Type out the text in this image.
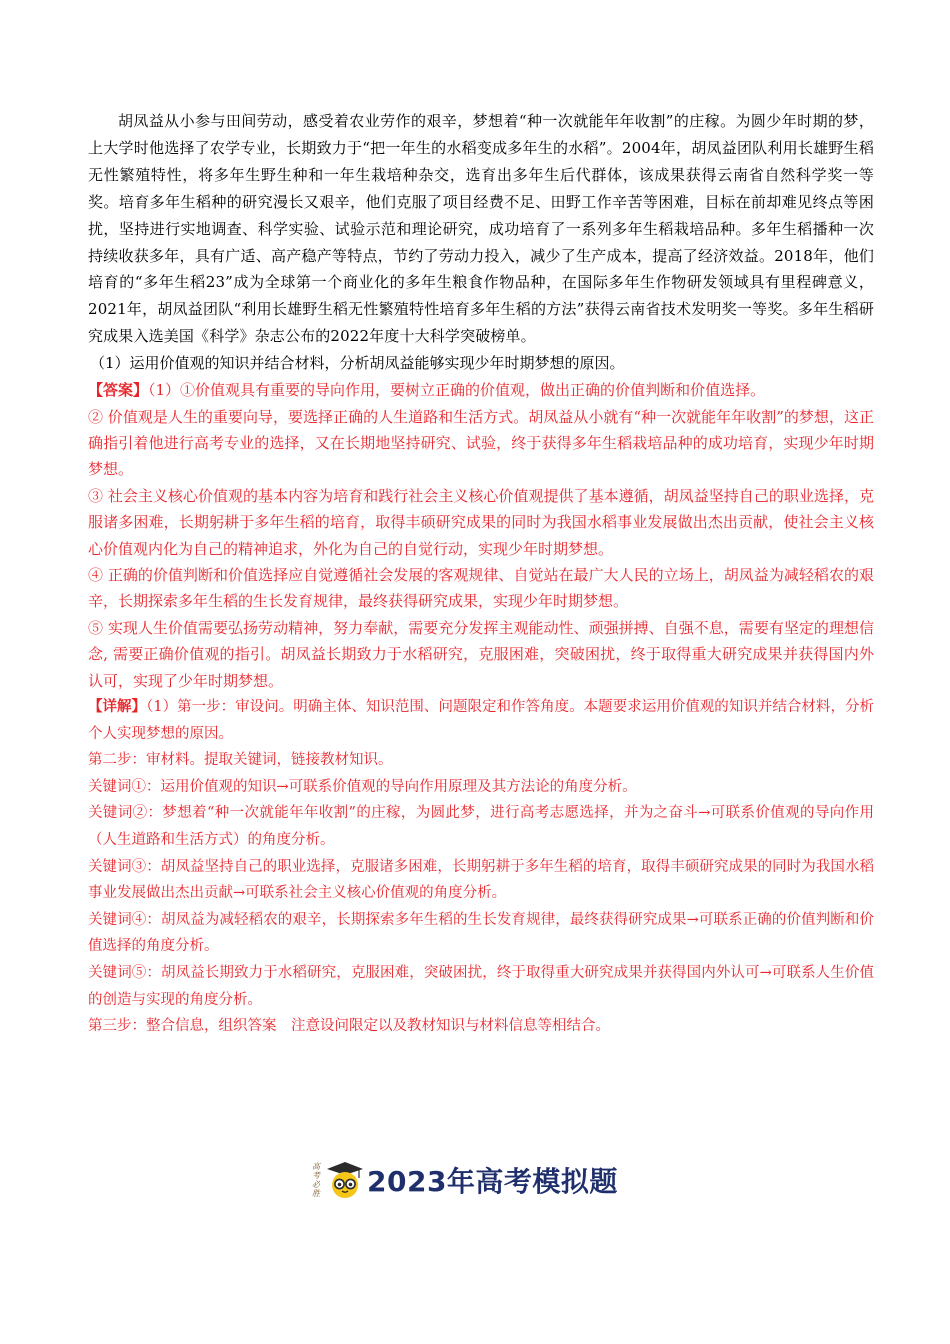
胡凤益从小参与田间劳动，感受着农业劳作的艰辛，梦想着“种一次就能年年收割”的庄稼。为圆少年时期的梦，上大学时他选择了农学专业，长期致力于“把一年生的水稻变成多年生的水稻”。2004年，胡凤益团队利用长雄野生稻无性繁殖特性，将多年生野生种和一年生栽培种杂交，选育出多年生后代群体，该成果获得云南省自然科学奖一等奖。培育多年生稻种的研究漫长又艰辛，他们克服了项目经费不足、田野工作辛苦等困难，目标在前却难见终点等困扰，坚持进行实地调查、科学实验、试验示范和理论研究，成功培育了一系列多年生稻栽培品种。多年生稻播种一次持续收获多年，具有广适、高产稳产等特点，节约了劳动力投入，减少了生产成本，提高了经济效益。2018年，他们培育的“多年生稻23”成为全球第一个商业化的多年生粮食作物品种，在国际多年生作物研发领域具有里程碑意义，2021年，胡凤益团队“利用长雄野生稻无性繁殖特性培育多年生稻的方法”获得云南省技术发明奖一等奖。多年生稻研究成果入选美国《科学》杂志公布的2022年度十大科学突破榜单。

（1）运用价值观的知识并结合材料，分析胡凤益能够实现少年时期梦想的原因。

【答案】（1）①价值观具有重要的导向作用，要树立正确的价值观，做出正确的价值判断和价值选择。
② 价值观是人生的重要向导，要选择正确的人生道路和生活方式。胡凤益从小就有“种一次就能年年收割”的梦想，这正确指引着他进行高考专业的选择，又在长期地坚持研究、试验，终于获得多年生稻栽培品种的成功培育，实现少年时期梦想。
③ 社会主义核心价值观的基本内容为培育和践行社会主义核心价值观提供了基本遵循，胡凤益坚持自己的职业选择，克服诸多困难，长期躬耕于多年生稻的培育，取得丰硕研究成果的同时为我国水稻事业发展做出杰出贡献，使社会主义核心价值观内化为自己的精神追求，外化为自己的自觉行动，实现少年时期梦想。
④ 正确的价值判断和价值选择应自觉遵循社会发展的客观规律、自觉站在最广大人民的立场上，胡凤益为减轻稻农的艰辛，长期探索多年生稻的生长发育规律，最终获得研究成果，实现少年时期梦想。
⑤ 实现人生价值需要弘扬劳动精神，努力奉献，需要充分发挥主观能动性、顽强拼搏、自强不息，需要有坚定的理想信念, 需要正确价值观的指引。胡凤益长期致力于水稻研究，克服困难，突破困扰，终于取得重大研究成果并获得国内外认可，实现了少年时期梦想。
【详解】（1）第一步：审设问。明确主体、知识范围、问题限定和作答角度。本题要求运用价值观的知识并结合材料，分析个人实现梦想的原因。
第二步：审材料。提取关键词，链接教材知识。
关键词①：运用价值观的知识→可联系价值观的导向作用原理及其方法论的角度分析。
关键词②：梦想着“种一次就能年年收割”的庄稼，为圆此梦，进行高考志愿选择，并为之奋斗→可联系价值观的导向作用（人生道路和生活方式）的角度分析。
关键词③：胡凤益坚持自己的职业选择，克服诸多困难，长期躬耕于多年生稻的培育，取得丰硕研究成果的同时为我国水稻事业发展做出杰出贡献→可联系社会主义核心价值观的角度分析。
关键词④：胡凤益为减轻稻农的艰辛，长期探索多年生稻的生长发育规律，最终获得研究成果→可联系正确的价值判断和价值选择的角度分析。
关键词⑤：胡凤益长期致力于水稻研究，克服困难，突破困扰，终于取得重大研究成果并获得国内外认可→可联系人生价值的创造与实现的角度分析。
第三步：整合信息，组织答案　注意设问限定以及教材知识与材料信息等相结合。
高考必胜 2023年高考模拟题
